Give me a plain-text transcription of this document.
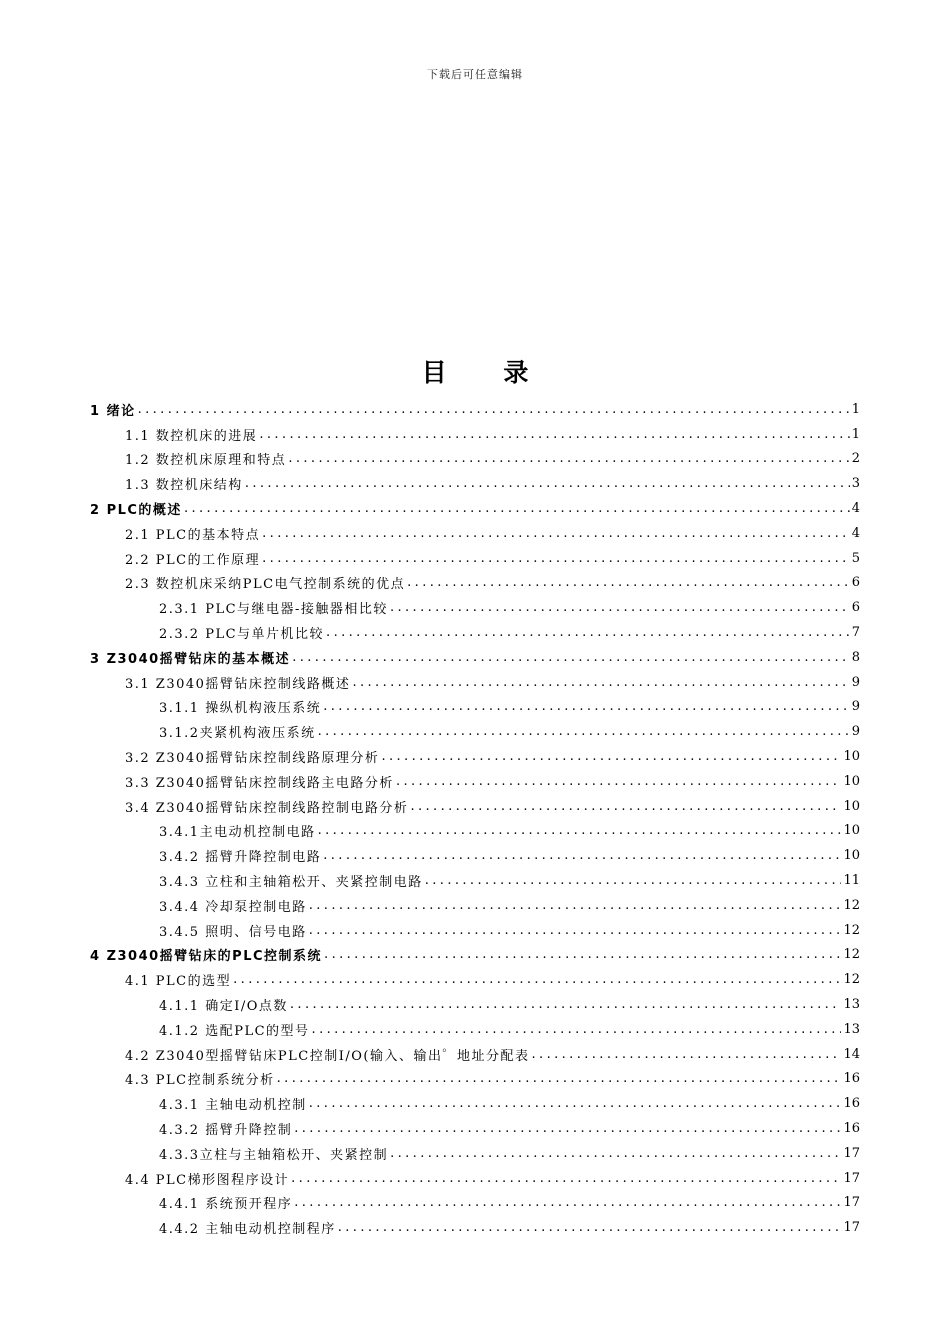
下载后可任意编辑
目 录
1 绪论 .....	1
1.1 数控机床的进展 .....	1
1.2 数控机床原理和特点 .....	2
1.3 数控机床结构 .....	3
2 PLC的概述 .....	4
2.1 PLC的基本特点 .....	4
2.2 PLC的工作原理 .....	5
2.3 数控机床采纳PLC电气控制系统的优点 .....	6
2.3.1 PLC与继电器-接触器相比较 .....	6
2.3.2 PLC与单片机比较 .....	7
3 Z3040摇臂钻床的基本概述 .....	8
3.1 Z3040摇臂钻床控制线路概述 .....	9
3.1.1 操纵机构液压系统 .....	9
3.1.2夹紧机构液压系统 .....	9
3.2 Z3040摇臂钻床控制线路原理分析 .....	10
3.3 Z3040摇臂钻床控制线路主电路分析 .....	10
3.4 Z3040摇臂钻床控制线路控制电路分析 .....	10
3.4.1主电动机控制电路 .....	10
3.4.2 摇臂升降控制电路 .....	10
3.4.3 立柱和主轴箱松开、夹紧控制电路 .....	11
3.4.4 冷却泵控制电路 .....	12
3.4.5 照明、信号电路 .....	12
4 Z3040摇臂钻床的PLC控制系统 .....	12
4.1 PLC的选型 .....	12
4.1.1 确定I/O点数 .....	13
4.1.2 选配PLC的型号 .....	13
4.2 Z3040型摇臂钻床PLC控制I/O(输入、输出゜地址分配表 .....	14
4.3 PLC控制系统分析 .....	16
4.3.1 主轴电动机控制 .....	16
4.3.2 摇臂升降控制 .....	16
4.3.3立柱与主轴箱松开、夹紧控制 .....	17
4.4 PLC梯形图程序设计 .....	17
4.4.1 系统预开程序 .....	17
4.4.2 主轴电动机控制程序 .....	17
